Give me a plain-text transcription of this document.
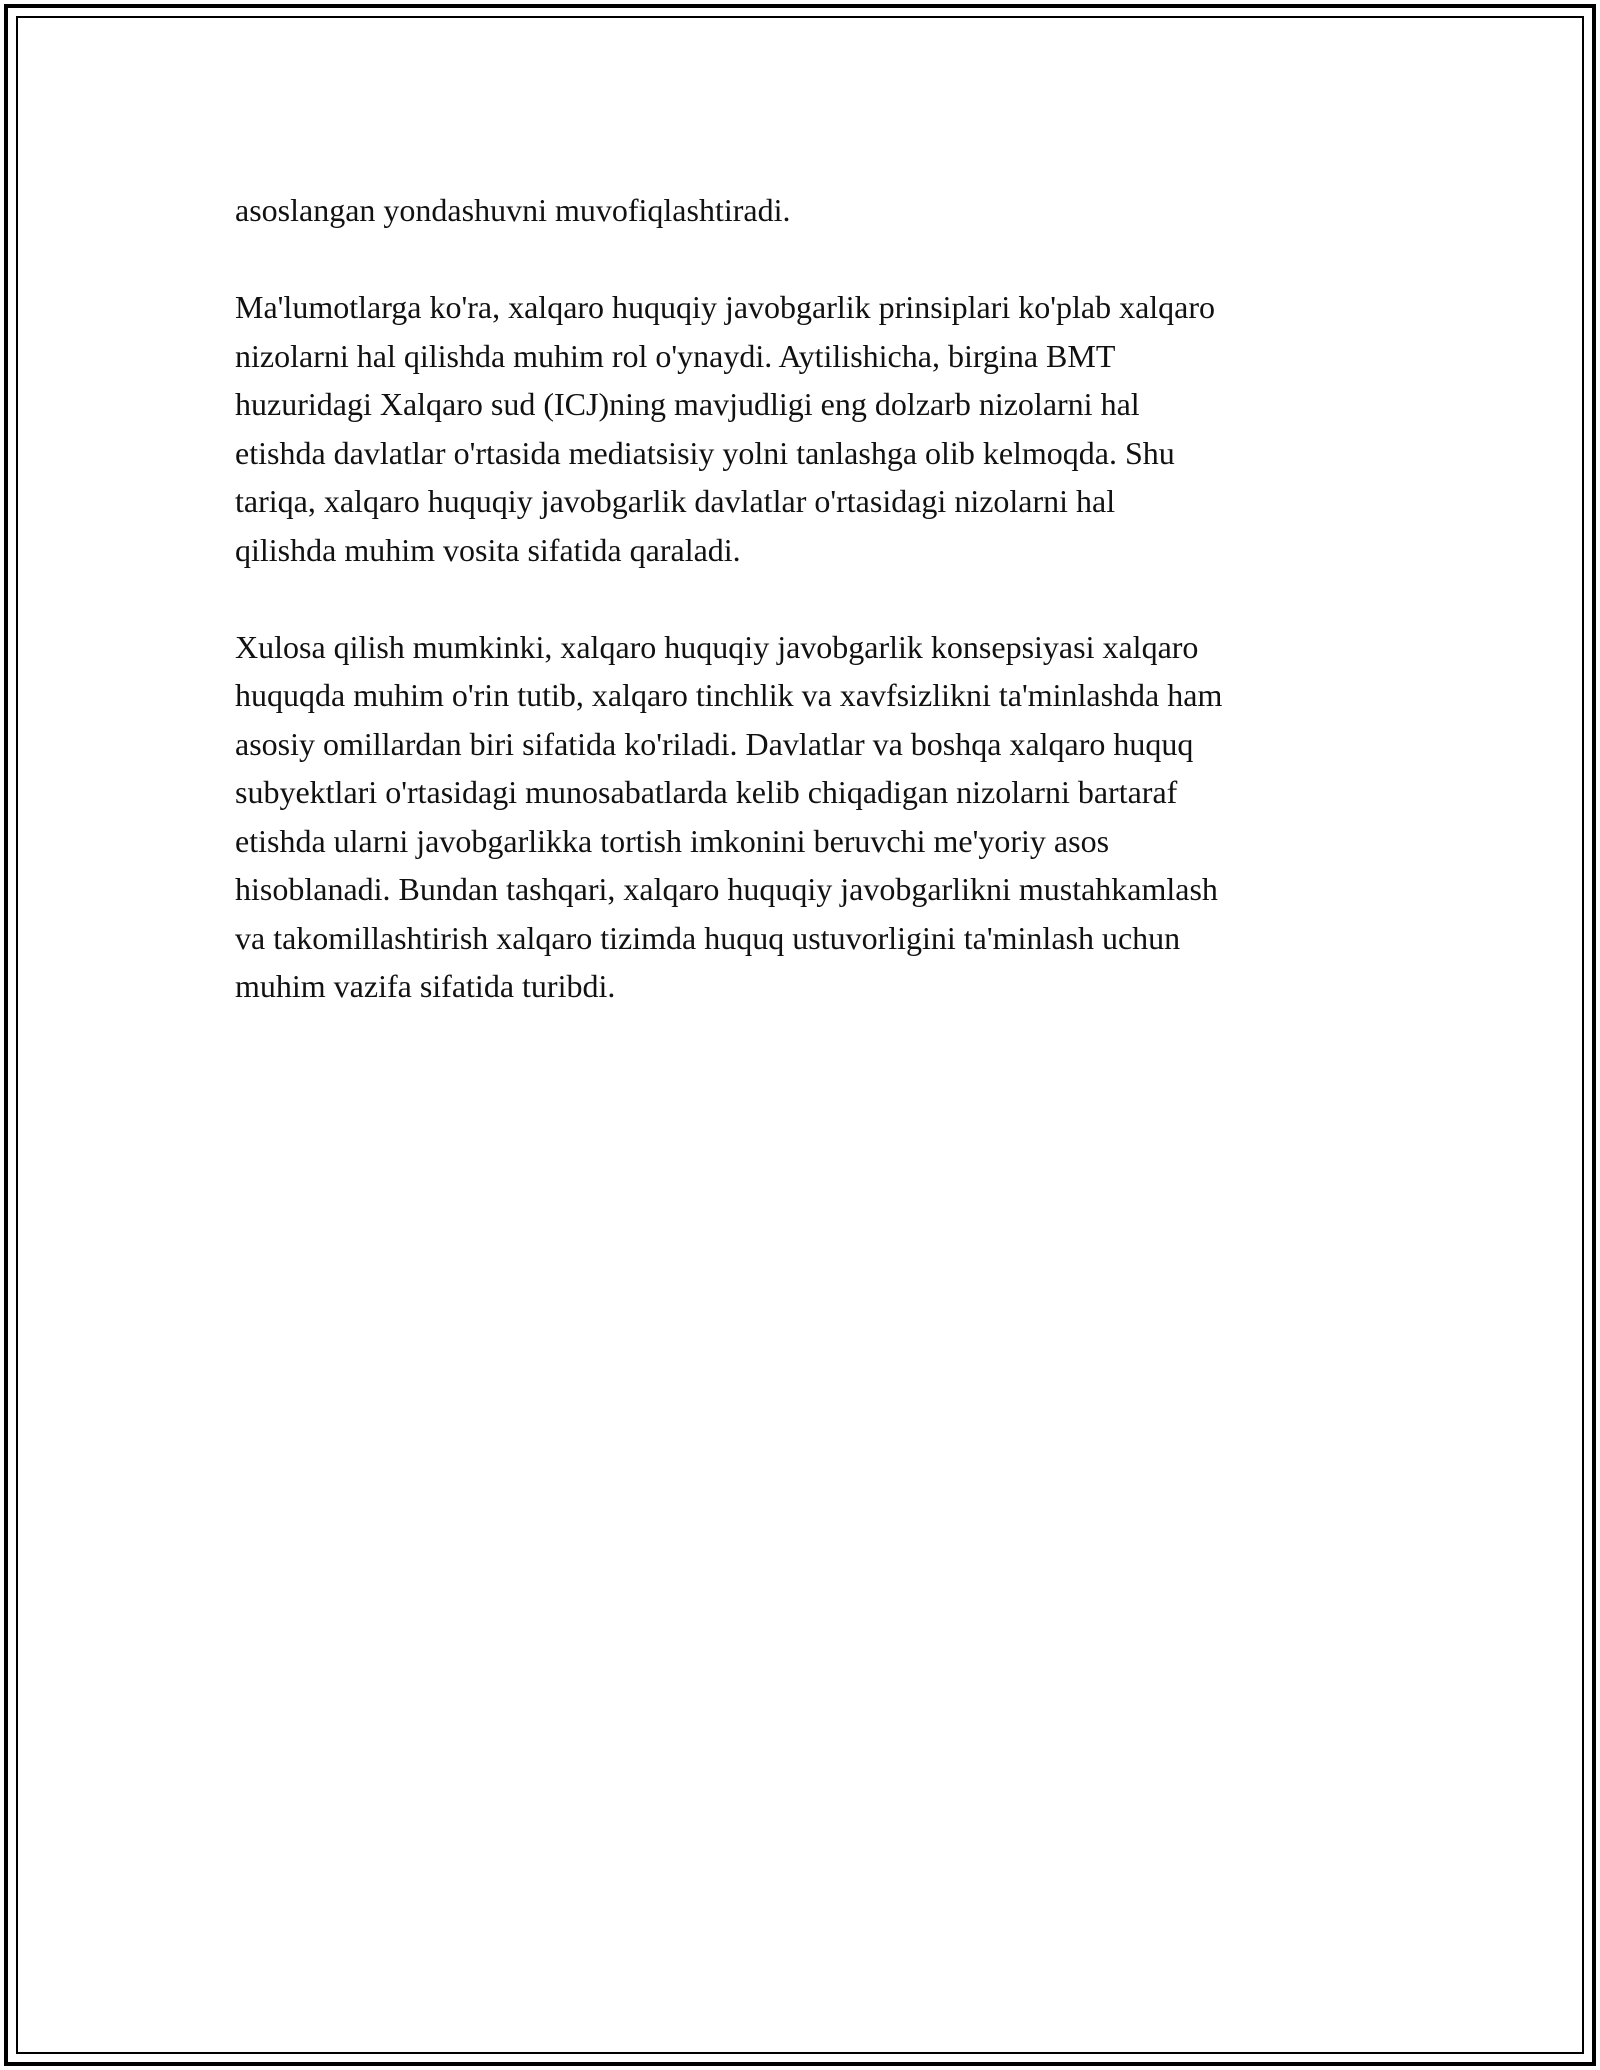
asoslangan yondashuvni muvofiqlashtiradi.

Ma'lumotlarga ko'ra, xalqaro huquqiy javobgarlik prinsiplari ko'plab xalqaro
nizolarni hal qilishda muhim rol o'ynaydi. Aytilishicha, birgina BMT
huzuridagi Xalqaro sud (ICJ)ning mavjudligi eng dolzarb nizolarni hal
etishda davlatlar o'rtasida mediatsisiy yolni tanlashga olib kelmoqda. Shu
tariqa, xalqaro huquqiy javobgarlik davlatlar o'rtasidagi nizolarni hal
qilishda muhim vosita sifatida qaraladi.

Xulosa qilish mumkinki, xalqaro huquqiy javobgarlik konsepsiyasi xalqaro
huquqda muhim o'rin tutib, xalqaro tinchlik va xavfsizlikni ta'minlashda ham
asosiy omillardan biri sifatida ko'riladi. Davlatlar va boshqa xalqaro huquq
subyektlari o'rtasidagi munosabatlarda kelib chiqadigan nizolarni bartaraf
etishda ularni javobgarlikka tortish imkonini beruvchi me'yoriy asos
hisoblanadi. Bundan tashqari, xalqaro huquqiy javobgarlikni mustahkamlash
va takomillashtirish xalqaro tizimda huquq ustuvorligini ta'minlash uchun
muhim vazifa sifatida turibdi.
